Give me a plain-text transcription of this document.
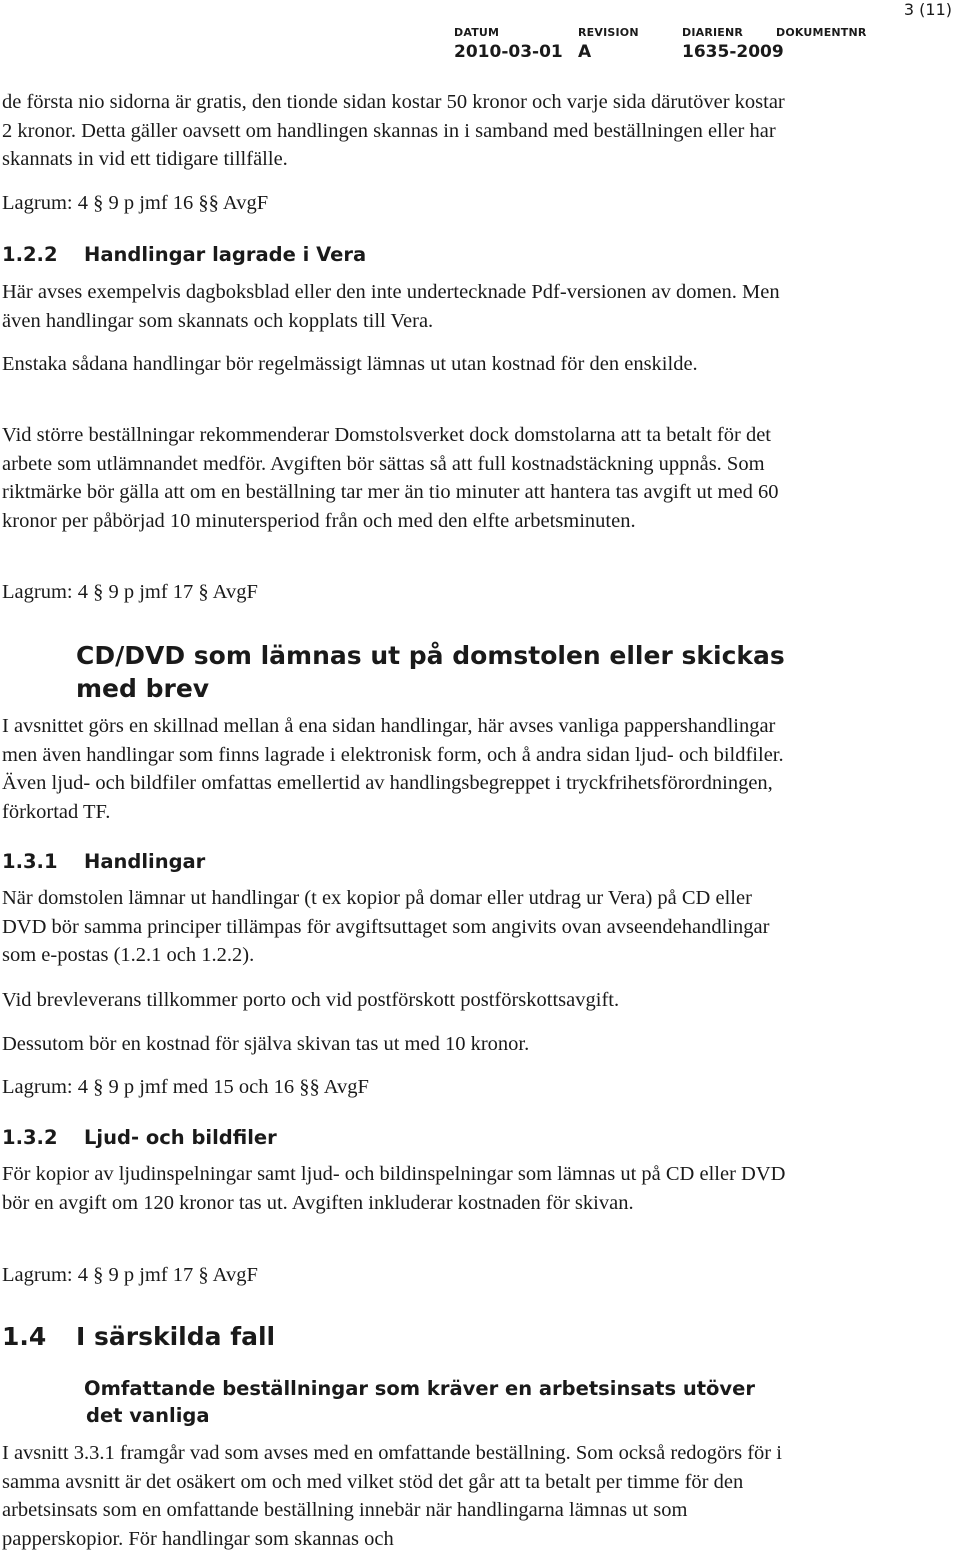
DATUM
2010-03-01
REVISION
A
DIARIENR
1635-2009
DOKUMENTNR
3 (11)

de första nio sidorna är gratis, den tionde sidan kostar 50 kronor och varje sida därutöver kostar 2 kronor. Detta gäller oavsett om handlingen skannas in i samband med beställningen eller har skannats in vid ett tidigare tillfälle.

Lagrum: 4 § 9 p jmf 16 §§ AvgF

1.2.2 Handlingar lagrade i Vera

Här avses exempelvis dagboksblad eller den inte undertecknade Pdf-versionen av domen. Men även handlingar som skannats och kopplats till Vera.

Enstaka sådana handlingar bör regelmässigt lämnas ut utan kostnad för den enskilde.

Vid större beställningar rekommenderar Domstolsverket dock domstolarna att ta betalt för det arbete som utlämnandet medför. Avgiften bör sättas så att full kostnadstäckning uppnås. Som riktmärke bör gälla att om en beställning tar mer än tio minuter att hantera tas avgift ut med 60 kronor per påbörjad 10 minutersperiod från och med den elfte arbetsminuten.

Lagrum: 4 § 9 p jmf 17 § AvgF

CD/DVD som lämnas ut på domstolen eller skickas med brev

I avsnittet görs en skillnad mellan å ena sidan handlingar, här avses vanliga pappershandlingar men även handlingar som finns lagrade i elektronisk form, och å andra sidan ljud- och bildfiler. Även ljud- och bildfiler omfattas emellertid av handlingsbegreppet i tryckfrihetsförordningen, förkortad TF.

1.3.1 Handlingar

När domstolen lämnar ut handlingar (t ex kopior på domar eller utdrag ur Vera) på CD eller DVD bör samma principer tillämpas för avgiftsuttaget som angivits ovan avseendehandlingar som e-postas (1.2.1 och 1.2.2).

Vid brevleverans tillkommer porto och vid postförskott postförskottsavgift.

Dessutom bör en kostnad för själva skivan tas ut med 10 kronor.

Lagrum: 4 § 9 p jmf med 15 och 16 §§ AvgF

1.3.2 Ljud- och bildfiler

För kopior av ljudinspelningar samt ljud- och bildinspelningar som lämnas ut på CD eller DVD bör en avgift om 120 kronor tas ut. Avgiften inkluderar kostnaden för skivan.

Lagrum: 4 § 9 p jmf 17 § AvgF

1.4 I särskilda fall
Omfattande beställningar som kräver en arbetsinsats utöver det vanliga

I avsnitt 3.3.1 framgår vad som avses med en omfattande beställning. Som också redogörs för i samma avsnitt är det osäkert om och med vilket stöd det går att ta betalt per timme för den arbetsinsats som en omfattande beställning innebär när handlingarna lämnas ut som papperskopior. För handlingar som skannas och
